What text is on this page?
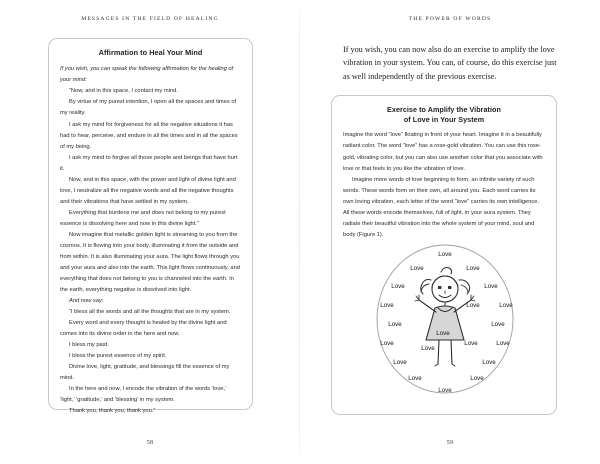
MESSAGES IN THE FIELD OF HEALING
Affirmation to Heal Your Mind

If you wish, you can speak the following affirmation for the healing of your mind:

“Now, and in this space, I contact my mind.

By virtue of my purest intention, I open all the spaces and times of my reality.

I ask my mind for forgiveness for all the negative situations it has had to hear, perceive, and endure in all the times and in all the spaces of my being.

I ask my mind to forgive all those people and beings that have hurt it.

Now, and in this space, with the power and light of divine light and love, I neutralize all the negative words and all the negative thoughts and their vibrations that have settled in my system.

Everything that burdens me and does not belong to my purest essence is dissolving here and now in this divine light.”

Now imagine that metallic golden light is streaming to you from the cosmos. It is flowing into your body, illuminating it from the outside and from within. It is also illuminating your aura. The light flows through you and your aura and also into the earth. This light flows continuously, and everything that does not belong to you is channeled into the earth. In the earth, everything negative is dissolved into light.

And now say:

“I bless all the words and all the thoughts that are in my system.

Every word and every thought is healed by the divine light and comes into its divine order in the here and now.

I bless my past.

I bless the purest essence of my spirit.

Divine love, light, gratitude, and blessings fill the essence of my mind.

In the here and now, I encode the vibration of the words ‘love,’ ‘light,’ ‘gratitude,’ and ‘blessing’ in my system.

Thank you, thank you, thank you.”

58
THE POWER OF WORDS
If you wish, you can now also do an exercise to amplify the love vibration in your system. You can, of course, do this exercise just as well independently of the previous exercise.
Exercise to Amplify the Vibration
of Love in Your System

Imagine the word “love” floating in front of your heart. Imagine it in a beautifully radiant color. The word “love” has a rose-gold vibration. You can use this rose-gold, vibrating color, but you can also use another color that you associate with love or that feels to you like the vibration of love.

Imagine more words of love beginning to form, an infinite variety of such words. These words form on their own, all around you. Each word carries its own loving vibration, each letter of the word “love” carries its own intelligence. All these words encode themselves, full of light, in your aura system. They radiate their beautiful vibration into the whole system of your mind, soul and body (Figure 1).

Love
Love	Love
Love	Love
Love	Love	Love
Love	Love
Love
Love
Love	Love
Love
Love	Love
Love	Love
Love
59
